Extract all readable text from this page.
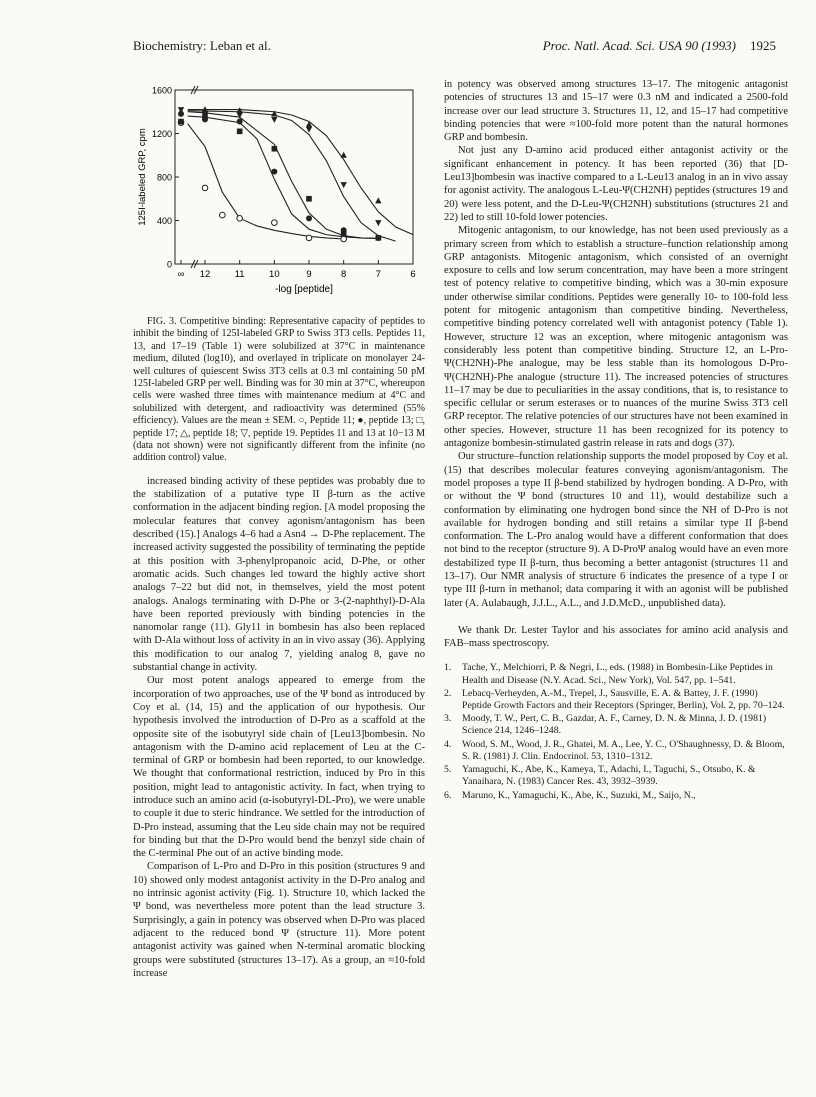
Biochemistry: Leban et al.	Proc. Natl. Acad. Sci. USA 90 (1993) 1925
1600
1200
800
400
0
∞ 12	11	10	9	8	7	6
-log [peptide]
125I-labeled GRP, cpm
FIG. 3. Competitive binding: Representative capacity of peptides to inhibit the binding of 125I-labeled GRP to Swiss 3T3 cells. Peptides 11, 13, and 17–19 (Table 1) were solubilized at 37°C in maintenance medium, diluted (log10), and overlayed in triplicate on monolayer 24-well cultures of quiescent Swiss 3T3 cells at 0.3 ml containing 50 pM 125I-labeled GRP per well. Binding was for 30 min at 37°C, whereupon cells were washed three times with maintenance medium at 4°C and solubilized with detergent, and radioactivity was determined (55% efficiency). Values are the mean ± SEM. ○, Peptide 11; ●, peptide 13; □, peptide 17; △, peptide 18; ▽, peptide 19. Peptides 11 and 13 at 10−13 M (data not shown) were not significantly different from the infinite (no addition control) value.

increased binding activity of these peptides was probably due to the stabilization of a putative type II β-turn as the active conformation in the adjacent binding region. [A model proposing the molecular features that convey agonism/antagonism has been described (15).] Analogs 4–6 had a Asn4 → D-Phe replacement. The increased activity suggested the possibility of terminating the peptide at this position with 3-phenylpropanoic acid, D-Phe, or other aromatic acids. Such changes led toward the highly active short analogs 7–22 but did not, in themselves, yield the most potent analogs. Analogs terminating with D-Phe or 3-(2-naphthyl)-D-Ala have been reported previously with binding potencies in the nanomolar range (11). Gly11 in bombesin has also been replaced with D-Ala without loss of activity in an in vivo assay (36). Applying this modification to our analog 7, yielding analog 8, gave no substantial change in activity.

Our most potent analogs appeared to emerge from the incorporation of two approaches, use of the Ψ bond as introduced by Coy et al. (14, 15) and the application of our hypothesis. Our hypothesis involved the introduction of D-Pro as a scaffold at the opposite site of the isobutyryl side chain of [Leu13]bombesin. No antagonism with the D-amino acid replacement of Leu at the C-terminal of GRP or bombesin had been reported, to our knowledge. We thought that conformational restriction, induced by Pro in this position, might lead to antagonistic activity. In fact, when trying to introduce such an amino acid (α-isobutyryl-DL-Pro), we were unable to couple it due to steric hindrance. We settled for the introduction of D-Pro instead, assuming that the Leu side chain may not be required for binding but that the D-Pro would bend the benzyl side chain of the C-terminal Phe out of an active binding mode.

Comparison of L-Pro and D-Pro in this position (structures 9 and 10) showed only modest antagonist activity in the D-Pro analog and no intrinsic agonist activity (Fig. 1). Structure 10, which lacked the Ψ bond, was nevertheless more potent than the lead structure 3. Surprisingly, a gain in potency was observed when D-Pro was placed adjacent to the reduced bond Ψ (structure 11). More potent antagonist activity was gained when N-terminal aromatic blocking groups were substituted (structures 13–17). As a group, an ≈10-fold increase

in potency was observed among structures 13–17. The mitogenic antagonist potencies of structures 13 and 15–17 were 0.3 nM and indicated a 2500-fold increase over our lead structure 3. Structures 11, 12, and 15–17 had competitive binding potencies that were ≈100-fold more potent than the natural hormones GRP and bombesin.

Not just any D-amino acid produced either antagonist activity or the significant enhancement in potency. It has been reported (36) that [D-Leu13]bombesin was inactive compared to a L-Leu13 analog in an in vivo assay for agonist activity. The analogous L-Leu-Ψ(CH2NH) peptides (structures 19 and 20) were less potent, and the D-Leu-Ψ(CH2NH) substitutions (structures 21 and 22) led to still 10-fold lower potencies.

Mitogenic antagonism, to our knowledge, has not been used previously as a primary screen from which to establish a structure–function relationship among GRP antagonists. Mitogenic antagonism, which consisted of an overnight exposure to cells and low serum concentration, may have been a more stringent test of potency relative to competitive binding, which was a 30-min exposure under otherwise similar conditions. Peptides were generally 10- to 100-fold less potent for mitogenic antagonism than competitive binding. Nevertheless, competitive binding potency correlated well with antagonist potency (Table 1). However, structure 12 was an exception, where mitogenic antagonism was considerably less potent than competitive binding. Structure 12, an L-Pro-Ψ(CH2NH)-Phe analogue, may be less stable than its homologous D-Pro-Ψ(CH2NH)-Phe analogue (structure 11). The increased potencies of structures 11–17 may be due to peculiarities in the assay conditions, that is, to resistance to specific cellular or serum esterases or to nuances of the murine Swiss 3T3 cell GRP receptor. The relative potencies of our structures have not been examined in other species. However, structure 11 has been recognized for its potency to antagonize bombesin-stimulated gastrin release in rats and dogs (37).

Our structure–function relationship supports the model proposed by Coy et al. (15) that describes molecular features conveying agonism/antagonism. The model proposes a type II β-bend stabilized by hydrogen bonding. A D-Pro, with or without the Ψ bond (structures 10 and 11), would destabilize such a conformation by eliminating one hydrogen bond since the NH of D-Pro is not available for hydrogen bonding and still retains a similar type II β-bend conformation. The L-Pro analog would have a different conformation that does not bind to the receptor (structure 9). A D-ProΨ analog would have an even more destabilized type II β-turn, thus becoming a better antagonist (structures 11 and 13–17). Our NMR analysis of structure 6 indicates the presence of a type I or type III β-turn in methanol; data comparing it with an agonist will be published later (A. Aulabaugh, J.J.L., A.L., and J.D.McD., unpublished data).

We thank Dr. Lester Taylor and his associates for amino acid analysis and FAB–mass spectroscopy.

1.	Tache, Y., Melchiorri, P. & Negri, L., eds. (1988) in Bombesin-Like Peptides in Health and Disease (N.Y. Acad. Sci., New York), Vol. 547, pp. 1–541.
2.	Lebacq-Verheyden, A.-M., Trepel, J., Sausville, E. A. & Battey, J. F. (1990) Peptide Growth Factors and their Receptors (Springer, Berlin), Vol. 2, pp. 70–124.
3.	Moody, T. W., Pert, C. B., Gazdar, A. F., Carney, D. N. & Minna, J. D. (1981) Science 214, 1246–1248.
4.	Wood, S. M., Wood, J. R., Ghatei, M. A., Lee, Y. C., O'Shaughnessy, D. & Bloom, S. R. (1981) J. Clin. Endocrinol. 53, 1310–1312.
5.	Yamaguchi, K., Abe, K., Kameya, T., Adachi, I., Taguchi, S., Otsubo, K. & Yanaihara, N. (1983) Cancer Res. 43, 3932–3939.
6.	Maruno, K., Yamaguchi, K., Abe, K., Suzuki, M., Saijo, N.,
